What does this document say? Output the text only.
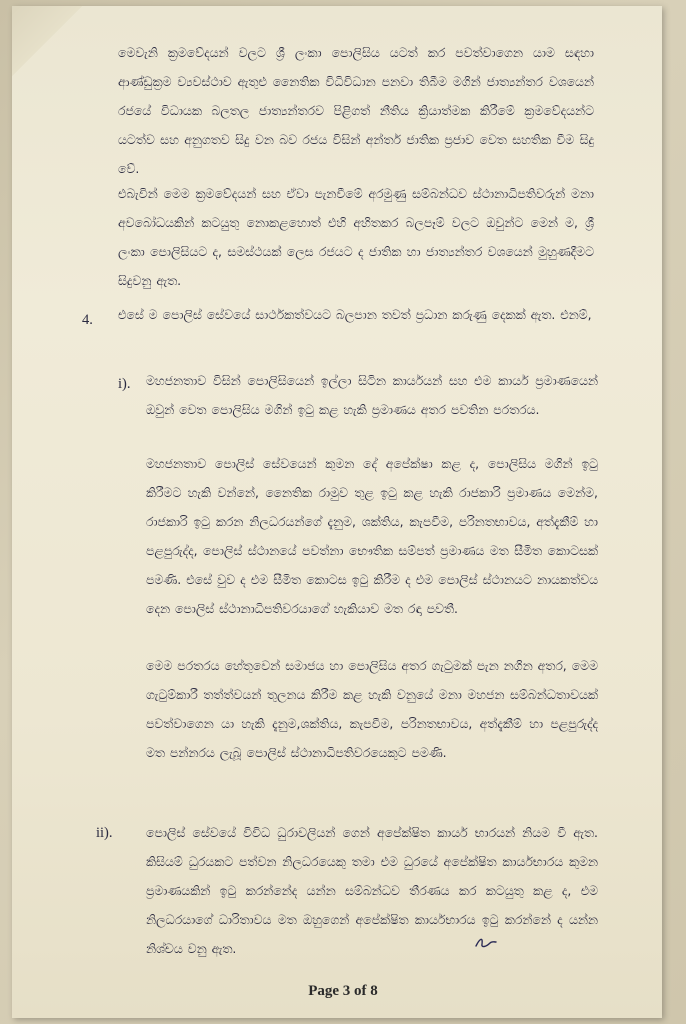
මෙවැනි ක්‍රමවේදයන් වලට ශ්‍රී ලංකා පොලිසිය යටත් කර පවත්වාගෙන යාම සඳහා ආණ්ඩුක්‍රම ව්‍යවස්ථාව ඇතුළු නෛතික විධිවිධාන පනවා තිබීම මගින් ජාත්‍යන්තර වශයෙන් රජයේ විධායක බලතල ජාත්‍යන්තරව පිළිගත් නීතිය ක්‍රියාත්මක කිරීමේ ක්‍රමවේදයන්ට යටත්ව සහ අනුගතව සිදු වන බව රජය විසින් අන්තර් ජාතික ප්‍රජාව වෙත සහතික වීම සිදු වේ.
එබැවින් මෙම ක්‍රමවේදයන් සහ ඒවා පැනවීමේ අරමුණු සම්බන්ධව ස්ථානාධිපතිවරුන් මනා අවබෝධයකින් කටයුතු නොකළහොත් එහි අහිතකර බලපෑම් වලට ඔවුන්ට මෙන් ම, ශ්‍රී ලංකා පොලිසියට ද, සමස්ථයක් ලෙස රජයට ද ජාතික හා ජාත්‍යන්තර වශයෙන් මුහුණදීමට සිදුවනු ඇත.
4. එසේ ම පොලිස් සේවයේ සාර්ථකත්වයට බලපාන තවත් ප්‍රධාන කරුණු දෙකක් ඇත. එනම්,
i). මහජනතාව විසින් පොලිසියෙන් ඉල්ලා සිටින කාර්යයන් සහ එම කාර්ය ප්‍රමාණයෙන් ඔවුන් වෙත පොලිසිය මගින් ඉටු කළ හැකි ප්‍රමාණය අතර පවතින පරතරය.
මහජනතාව පොලිස් සේවයෙන් කුමන දේ අපේක්ෂා කළ ද, පොලිසිය මගින් ඉටු කිරීමට හැකි වන්නේ, නෛතික රාමුව තුළ ඉටු කළ හැකි රාජකාරි ප්‍රමාණය මෙන්ම, රාජකාරි ඉටු කරන නිලධරයන්ගේ දැනුම, ශක්තිය, කැපවීම, පරිනතභාවය, අත්දැකීම් හා පළපුරුද්ද, පොලිස් ස්ථානයේ පවත්නා භෞතික සම්පත් ප්‍රමාණය මත සීමිත කොටසක් පමණි. එසේ වුව ද එම සීමිත කොටස ඉටු කිරීම ද එම පොලිස් ස්ථානයට නායකත්වය දෙන පොලිස් ස්ථානාධිපතිවරයාගේ හැකියාව මත රඳා පවතී.
මෙම පරතරය හේතුවෙන් සමාජය හා පොලිසිය අතර ගැටුමක් පැන නගින අතර, මෙම ගැටුම්කාරී තත්ත්වයන් තුලනය කිරීම කළ හැකි වනුයේ මනා මහජන සම්බන්ධතාවයක් පවත්වාගෙන යා හැකි දැනුම,ශක්තිය, කැපවීම, පරිනතභාවය, අත්දැකීම් හා පළපුරුද්ද මත පන්නරය ලැබූ පොලිස් ස්ථානාධිපතිවරයෙකුට පමණි.
ii).	පොලිස් සේවයේ විවිධ ධුරාවලියන් ගෙන් අපේක්ෂිත කාර්ය භාරයන් නියම වී ඇත. කිසියම් ධුරයකට පත්වන නිලධරයෙකු තමා එම ධුරයේ අපේක්ෂිත කාර්යභාරය කුමන ප්‍රමාණයකින් ඉටු කරන්නේද යන්න සම්බන්ධව තීරණය කර කටයුතු කළ ද, එම නිලධරයාගේ ධාරිතාවය මත ඔහුගෙන් අපේක්ෂිත කාර්යභාරය ඉටු කරන්නේ ද යන්න නිශ්චය වනු ඇත.
Page 3 of 8
